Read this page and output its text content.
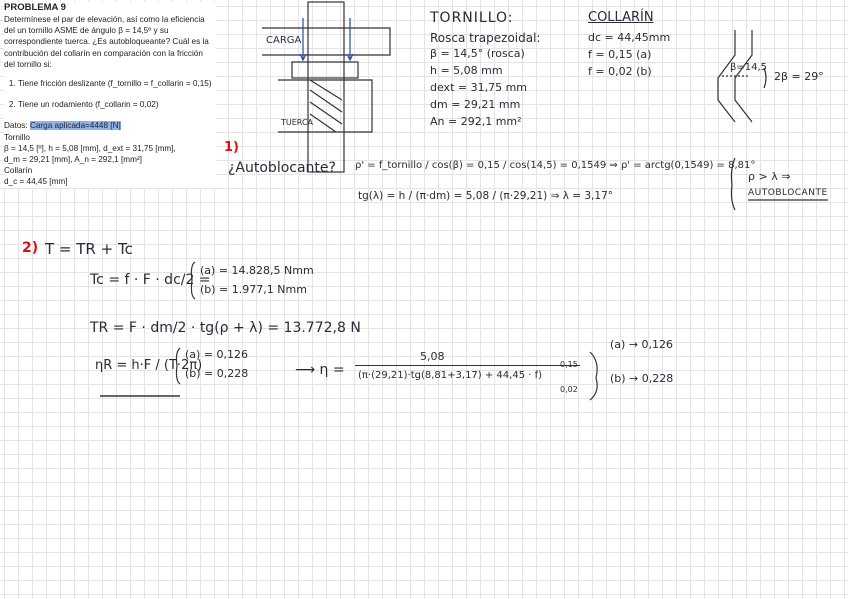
PROBLEMA 9

Determínese el par de elevación, así como la eficiencia del un tornillo ASME de ángulo β = 14,5º y su correspondiente tuerca. ¿Es autobloqueante? Cuál es la contribución del collarín en comparación con la fricción del tornillo si:

1. Tiene fricción deslizante (f_tornillo = f_collarin = 0,15)
2. Tiene un rodamiento (f_collarin = 0,02)

Datos: Carga aplicada=4448 [N]

Tornillo

β = 14,5 [º], h = 5,08 [mm], d_ext = 31,75 [mm],

d_m = 29,21 [mm], A_n = 292,1 [mm²]

Collarín

d_c = 44,45 [mm]

CARGA
TUERCA
β=14,5
2β = 29°
TORNILLO:
Rosca trapezoidal:
β = 14,5° (rosca)
h = 5,08 mm
dext = 31,75 mm
dm = 29,21 mm
An = 292,1 mm²
COLLARÍN
dc = 44,45mm
f = 0,15 (a)
f = 0,02 (b)
1)
¿Autoblocante? ρ' = f_tornillo / cos(β) = 0,15 / cos(14,5) = 0,1549 ⇒ ρ' = arctg(0,1549) = 8,81°
tg(λ) = h / (π·dm) = 5,08 / (π·29,21) ⇒ λ = 3,17°
ρ > λ ⇒
AUTOBLOCANTE
2) T = TR + Tc
Tc = f · F · dc/2 =
(a) = 14.828,5 Nmm
(b) = 1.977,1 Nmm
TR = F · dm/2 · tg(ρ + λ) = 13.772,8 N
ηR = h·F / (T·2π)
(a) = 0,126
(b) = 0,228	⟶ η =
5,08
(π·(29,21)·tg(8,81+3,17) + 44,45 · f)
0,15
0,02
(a) → 0,126
(b) → 0,228
